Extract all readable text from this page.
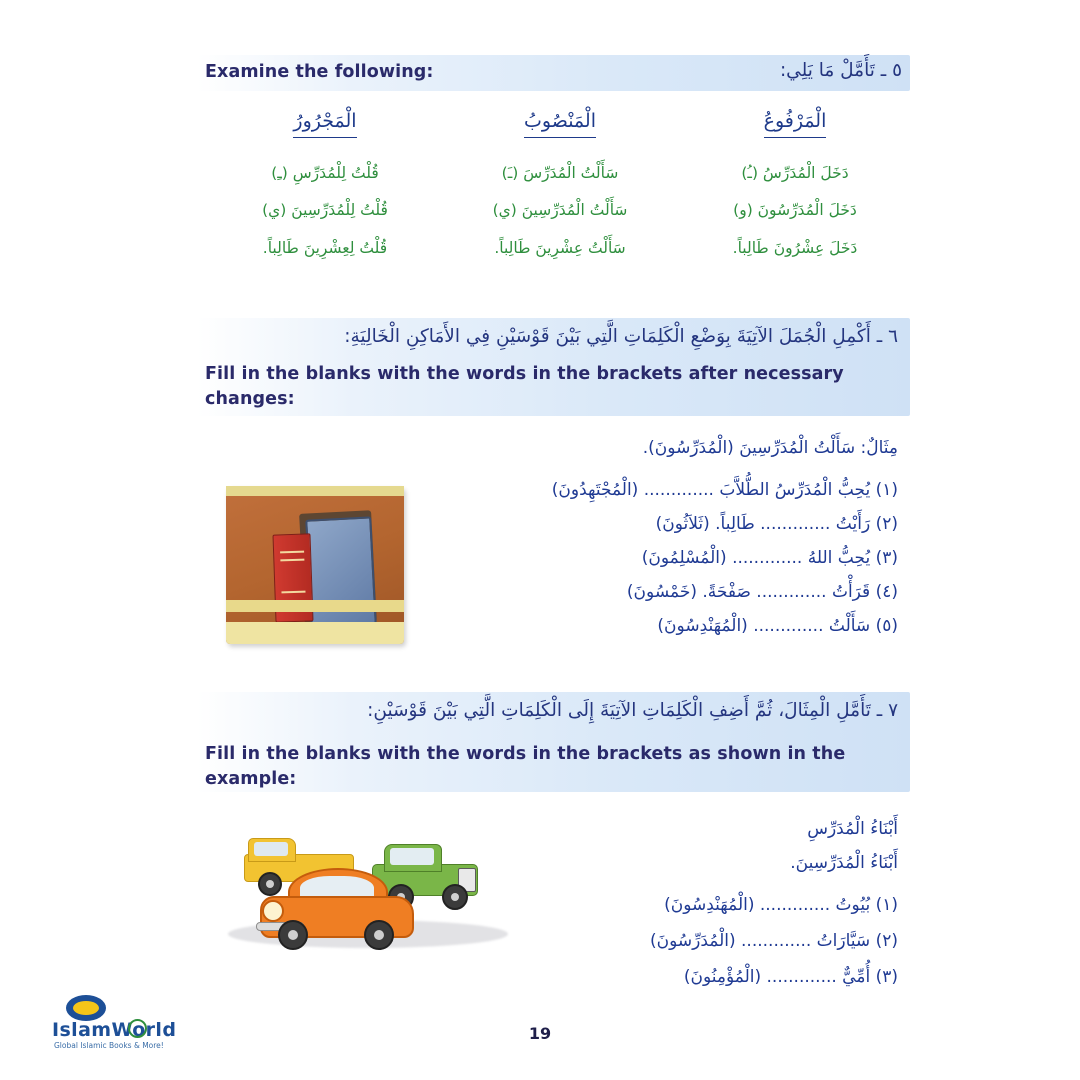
Examine the following:	٥ ـ تَأَمَّلْ مَا يَلِي:
الْمَرْفُوعُ
دَخَلَ الْمُدَرِّسُ (ـُ)
دَخَلَ الْمُدَرِّسُونَ (و)
دَخَلَ عِشْرُونَ طَالِباً.
الْمَنْصُوبُ
سَأَلْتُ الْمُدَرِّسَ (ـَ)
سَأَلْتُ الْمُدَرِّسِينَ (ي)
سَأَلْتُ عِشْرِينَ طَالِباً.
الْمَجْرُورُ
قُلْتُ لِلْمُدَرِّسِ (ـِ)
قُلْتُ لِلْمُدَرِّسِينَ (ي)
قُلْتُ لِعِشْرِينَ طَالِباً.
٦ ـ أَكْمِلِ الْجُمَلَ الآتِيَةَ بِوَضْعِ الْكَلِمَاتِ الَّتِي بَيْنَ قَوْسَيْنِ فِي الأَمَاكِنِ الْخَالِيَةِ:
Fill in the blanks with the words in the brackets after necessary changes:
مِثَالٌ: سَأَلْتُ الْمُدَرِّسِينَ (الْمُدَرِّسُونَ).
(١) يُحِبُّ الْمُدَرِّسُ الطُّلاَّبَ ............. (الْمُجْتَهِدُونَ)
(٢) رَأَيْتُ ............. طَالِباً. (ثَلاَثُونَ)
(٣) يُحِبُّ اللهُ ............. (الْمُسْلِمُونَ)
(٤) قَرَأْتُ ............. صَفْحَةً. (خَمْسُونَ)
(٥) سَأَلْتُ ............. (الْمُهَنْدِسُونَ)
٧ ـ تَأَمَّلِ الْمِثَالَ، ثُمَّ أَضِفِ الْكَلِمَاتِ الآتِيَةَ إِلَى الْكَلِمَاتِ الَّتِي بَيْنَ قَوْسَيْنِ:
Fill in the blanks with the words in the brackets as shown in the example:
أَبْنَاءُ الْمُدَرِّسِ
أَبْنَاءُ الْمُدَرِّسِينَ.
(١) بُيُوتُ ............. (الْمُهَنْدِسُونَ)
(٢) سَيَّارَاتُ ............. (الْمُدَرِّسُونَ)
(٣) أُمِّيٌّ ............. (الْمُؤْمِنُونَ)
19
IslamWorld
Global Islamic Books & More!
